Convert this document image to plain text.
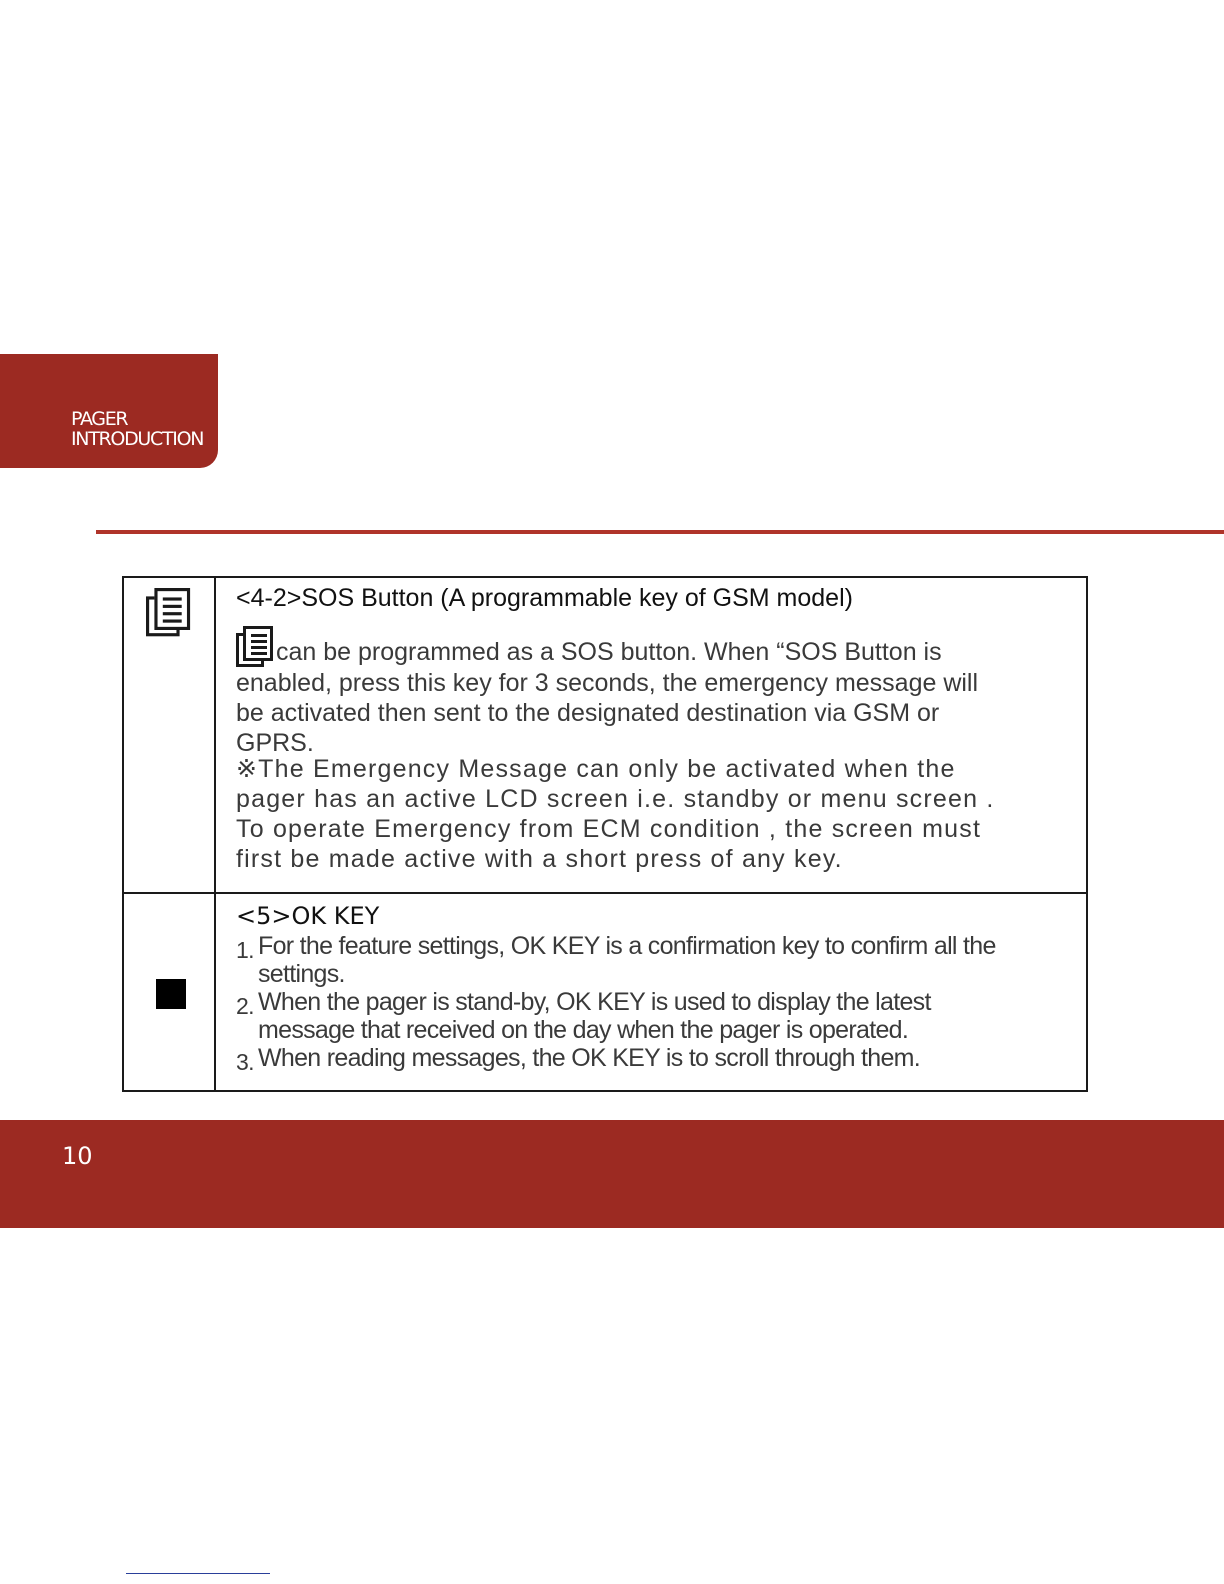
PAGER
INTRODUCTION
<4-2>SOS Button (A programmable key of GSM model)
can be programmed as a SOS button. When “SOS Button is
enabled, press this key for 3 seconds, the emergency message will
be activated then sent to the designated destination via GSM or
GPRS.
※The Emergency Message can only be activated when the
pager has an active LCD screen i.e. standby or menu screen .
To operate Emergency from ECM condition , the screen must
first be made active with a short press of any key.
<5>OK KEY
1. For the feature settings, OK KEY is a confirmation key to confirm all the
settings.
2. When the pager is stand-by, OK KEY is used to display the latest
message that received on the day when the pager is operated.
3. When reading messages, the OK KEY is to scroll through them.
10
